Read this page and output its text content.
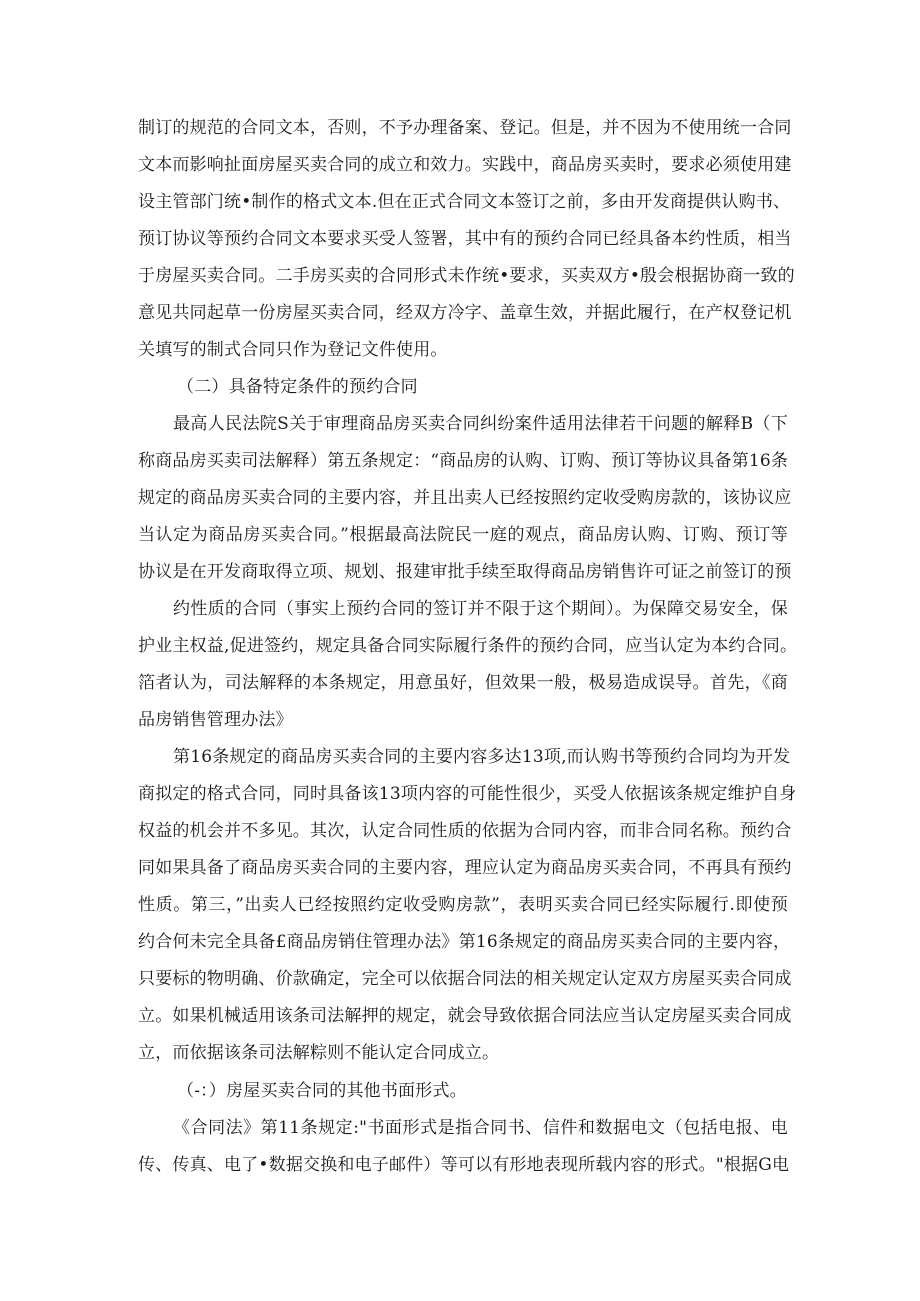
制订的规范的合同文本，否则，不予办理备案、登记。但是，并不因为不使用统一合同
文本而影响扯面房屋买卖合同的成立和效力。实践中，商品房买卖时，要求必须使用建
设主管部门统•制作的格式文本.但在正式合同文本签订之前，多由开发商提供认购书、
预订协议等预约合同文本要求买受人签署，其中有的预约合同已经具备本约性质，相当
于房屋买卖合同。二手房买卖的合同形式未作统•要求，买卖双方•殷会根据协商一致的
意见共同起草一份房屋买卖合同，经双方冷字、盖章生效，并据此履行，在产权登记机
关填写的制式合同只作为登记文件使用。
（二）具备特定条件的预约合同
最高人民法院S关于审理商品房买卖合同纠纷案件适用法律若干问题的解释B（下
称商品房买卖司法解释）第五条规定：“商品房的认购、订购、预订等协议具备第16条
规定的商品房买卖合同的主要内容，并且出卖人已经按照约定收受购房款的，该协议应
当认定为商品房买卖合同。”根据最高法院民一庭的观点，商品房认购、订购、预订等
协议是在开发商取得立项、规划、报建审批手续至取得商品房销售许可证之前签订的预
约性质的合同（事实上预约合同的签订并不限于这个期间）。为保障交易安全，保
护业主权益,促进签约，规定具备合同实际履行条件的预约合同，应当认定为本约合同。
箔者认为，司法解释的本条规定，用意虽好，但效果一般，极易造成误导。首先，《商
品房销售管理办法》
第16条规定的商品房买卖合同的主要内容多达13项,而认购书等预约合同均为开发
商拟定的格式合同，同时具备该13项内容的可能性很少，买受人依据该条规定维护自身
权益的机会并不多见。其次，认定合同性质的依据为合同内容，而非合同名称。预约合
同如果具备了商品房买卖合同的主要内容，理应认定为商品房买卖合同，不再具有预约
性质。第三，”出卖人已经按照约定收受购房款”，表明买卖合同已经实际履行.即使预
约合何未完全具备£商品房销住管理办法》第16条规定的商品房买卖合同的主要内容，
只要标的物明确、价款确定，完全可以依据合同法的相关规定认定双方房屋买卖合同成
立。如果机械适用该条司法解押的规定，就会导致依据合同法应当认定房屋买卖合同成
立，而依据该条司法解粽则不能认定合同成立。
（-：）房屋买卖合同的其他书面形式。
《合同法》第11条规定:"书面形式是指合同书、信件和数据电文（包括电报、电
传、传真、电了•数据交换和电子邮件）等可以有形地表现所载内容的形式。"根据G电
